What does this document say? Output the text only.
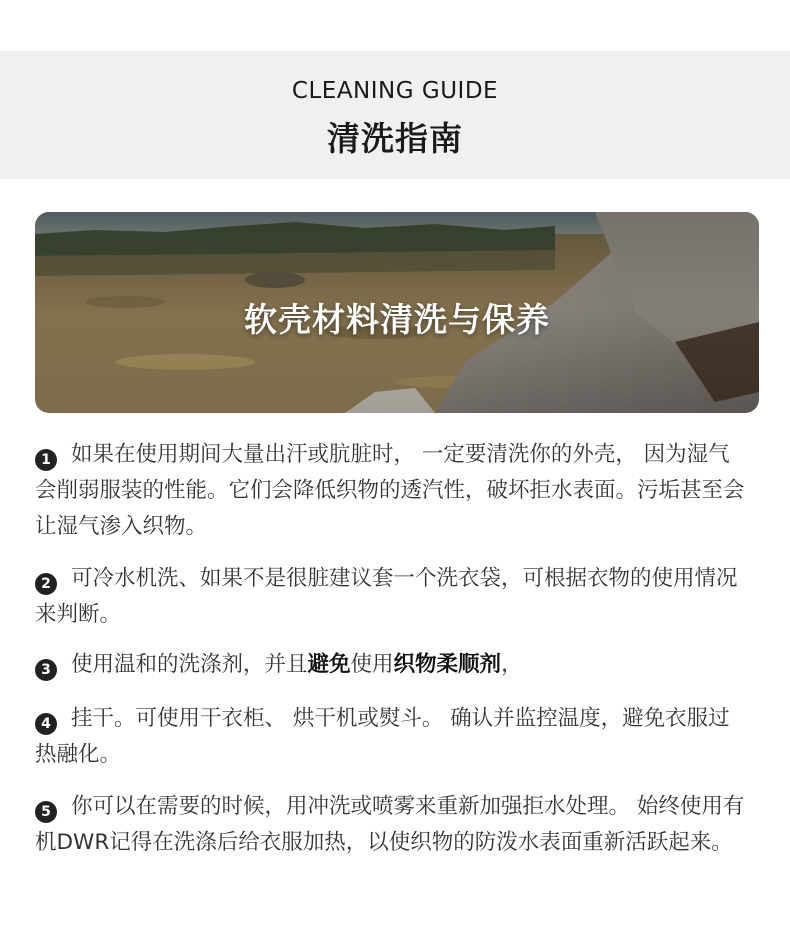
CLEANING GUIDE
清洗指南
软壳材料清洗与保养

1 如果在使用期间大量出汗或肮脏时， 一定要清洗你的外壳， 因为湿气会削弱服装的性能。它们会降低织物的透汽性，破坏拒水表面。污垢甚至会让湿气渗入织物。

2 可冷水机洗、如果不是很脏建议套一个洗衣袋，可根据衣物的使用情况来判断。

3 使用温和的洗涤剂，并且避免使用织物柔顺剂，

4 挂干。可使用干衣柜、 烘干机或熨斗。 确认并监控温度，避免衣服过热融化。

5 你可以在需要的时候，用冲洗或喷雾来重新加强拒水处理。 始终使用有机DWR记得在洗涤后给衣服加热，以使织物的防泼水表面重新活跃起来。
